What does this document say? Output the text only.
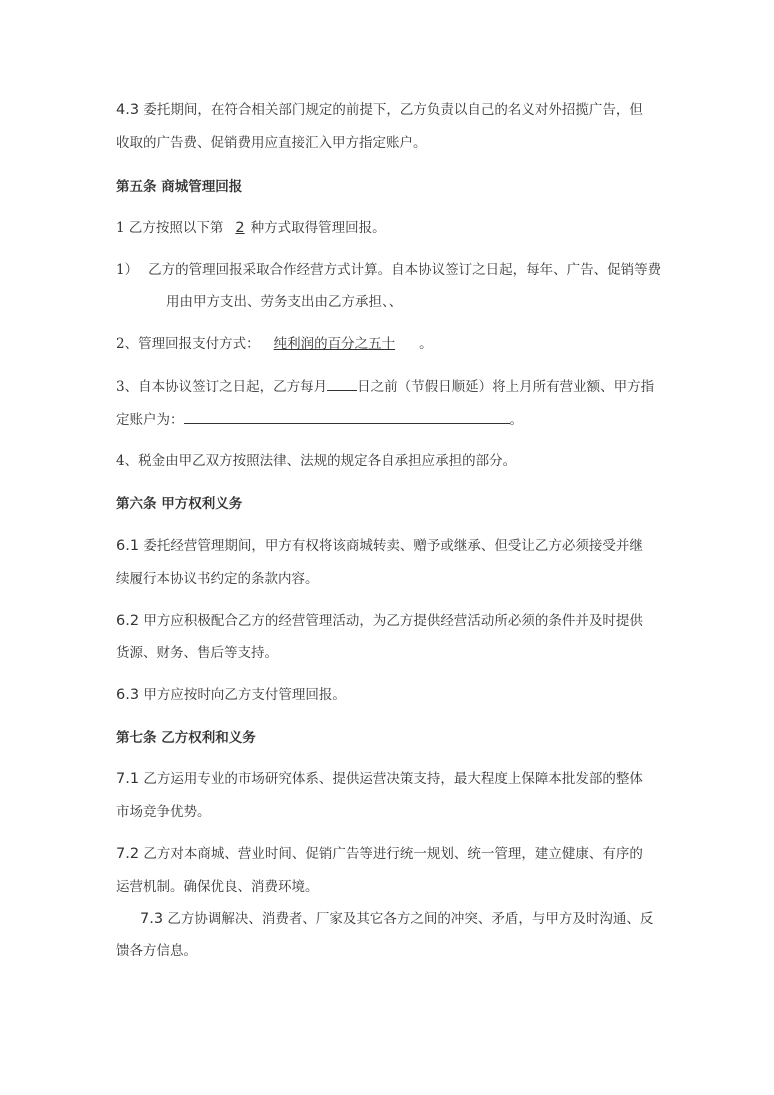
4.3 委托期间，在符合相关部门规定的前提下，乙方负责以自己的名义对外招揽广告，但
收取的广告费、促销费用应直接汇入甲方指定账户。
第五条 商城管理回报
1 乙方按照以下第 2 种方式取得管理回报。
1） 乙方的管理回报采取合作经营方式计算。自本协议签订之日起，每年、广告、促销等费
用由甲方支出、劳务支出由乙方承担、、
2、管理回报支付方式： 纯利润的百分之五十 。
3、自本协议签订之日起，乙方每月 日之前（节假日顺延）将上月所有营业额、甲方指
定账户为：	。
4、税金由甲乙双方按照法律、法规的规定各自承担应承担的部分。
第六条 甲方权利义务
6.1 委托经营管理期间，甲方有权将该商城转卖、赠予或继承、但受让乙方必须接受并继
续履行本协议书约定的条款内容。
6.2 甲方应积极配合乙方的经营管理活动，为乙方提供经营活动所必须的条件并及时提供
货源、财务、售后等支持。
6.3 甲方应按时向乙方支付管理回报。
第七条 乙方权利和义务
7.1 乙方运用专业的市场研究体系、提供运营决策支持，最大程度上保障本批发部的整体
市场竞争优势。
7.2 乙方对本商城、营业时间、促销广告等进行统一规划、统一管理，建立健康、有序的
运营机制。确保优良、消费环境。
7.3 乙方协调解决、消费者、厂家及其它各方之间的冲突、矛盾，与甲方及时沟通、反
馈各方信息。
